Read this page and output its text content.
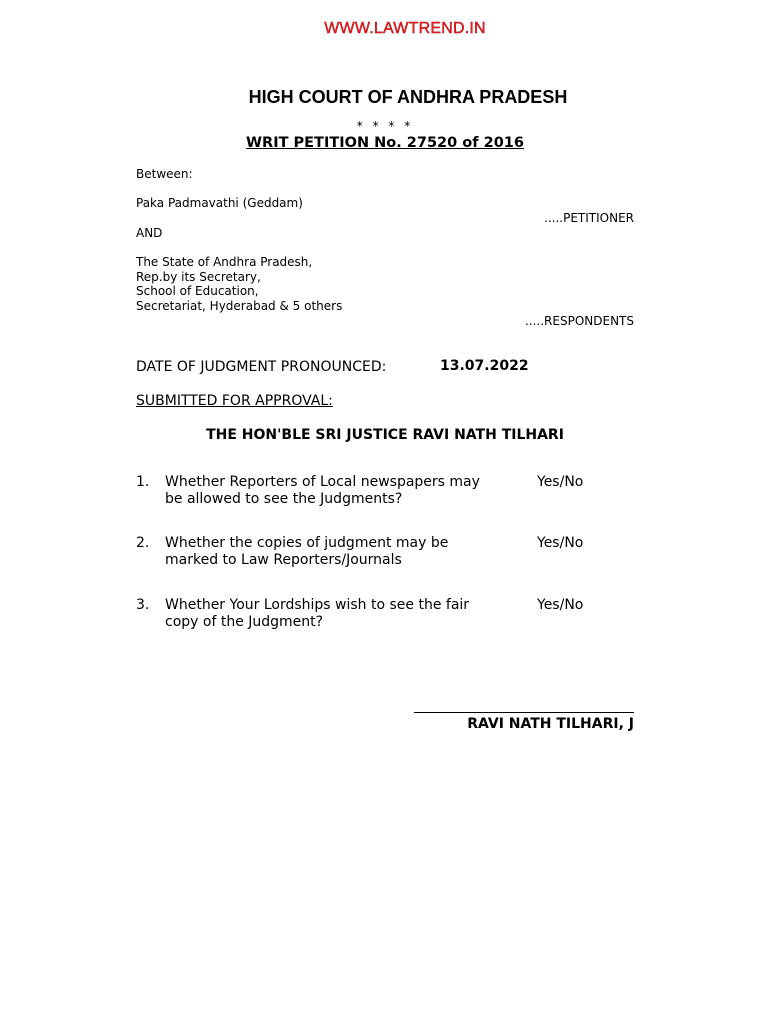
WWW.LAWTREND.IN
HIGH COURT OF ANDHRA PRADESH
* * * *
WRIT PETITION No. 27520 of 2016
Between:
Paka Padmavathi (Geddam)
.....PETITIONER
AND
The State of Andhra Pradesh,
Rep.by its Secretary,
School of Education,
Secretariat, Hyderabad & 5 others
.....RESPONDENTS
DATE OF JUDGMENT PRONOUNCED:	13.07.2022
SUBMITTED FOR APPROVAL:
THE HON'BLE SRI JUSTICE RAVI NATH TILHARI
1. Whether Reporters of Local newspapers may be allowed to see the Judgments?
Yes/No
2. Whether the copies of judgment may be marked to Law Reporters/Journals
Yes/No
3. Whether Your Lordships wish to see the fair copy of the Judgment?
Yes/No
RAVI NATH TILHARI, J
